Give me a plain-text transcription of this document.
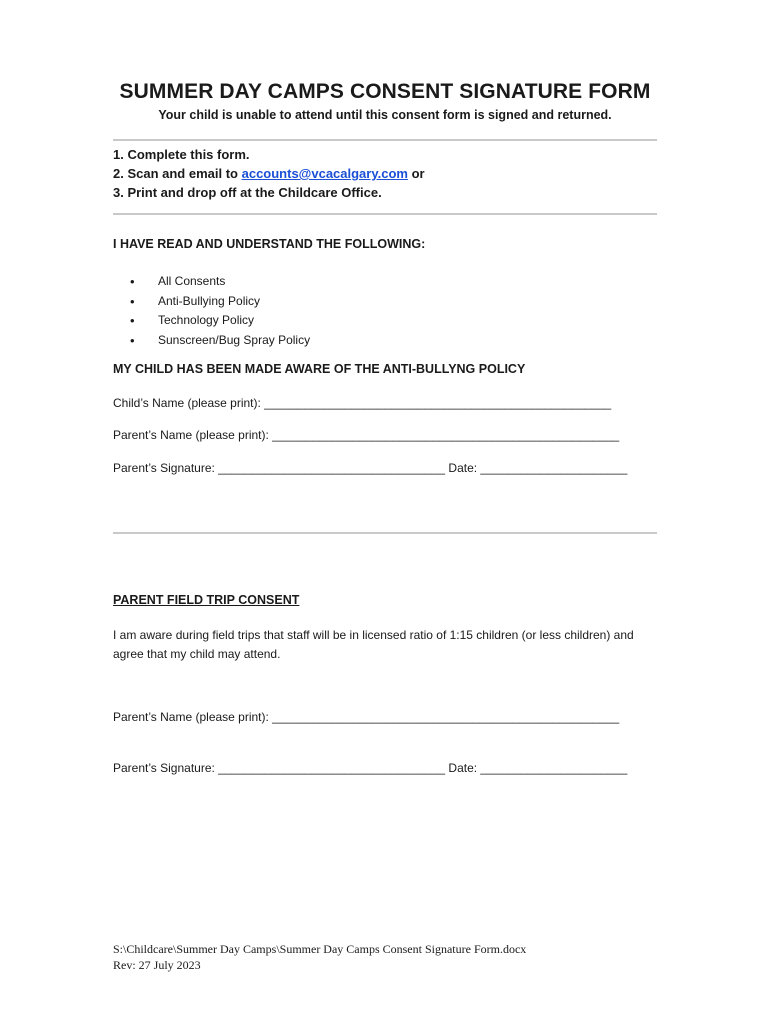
SUMMER DAY CAMPS CONSENT SIGNATURE FORM
Your child is unable to attend until this consent form is signed and returned.
1. Complete this form.
2. Scan and email to accounts@vcacalgary.com or
3. Print and drop off at the Childcare Office.
I HAVE READ AND UNDERSTAND THE FOLLOWING:
• All Consents
• Anti-Bullying Policy
• Technology Policy
• Sunscreen/Bug Spray Policy
MY CHILD HAS BEEN MADE AWARE OF THE ANTI-BULLYNG POLICY
Child’s Name (please print): ____________________________________________________
Parent’s Name (please print): ____________________________________________________
Parent’s Signature: __________________________________ Date: ______________________
PARENT FIELD TRIP CONSENT
I am aware during field trips that staff will be in licensed ratio of 1:15 children (or less children) and agree that my child may attend.
Parent’s Name (please print): ____________________________________________________
Parent’s Signature: __________________________________ Date: ______________________
S:\Childcare\Summer Day Camps\Summer Day Camps Consent Signature Form.docx
Rev: 27 July 2023
